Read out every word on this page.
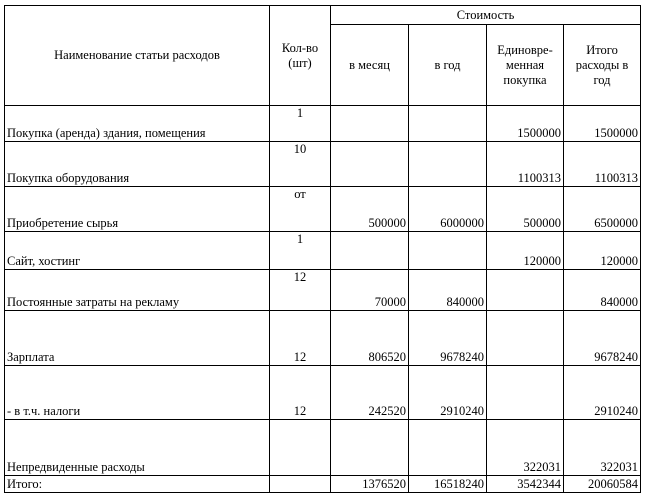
Наименование статьи расходов	Кол-во (шт)	Стоимость			
		в месяц	в год	Единовре-менная покупка	Итого расходы в год
Покупка (аренда) здания, помещения	1			1500000	1500000
Покупка оборудования	10			1100313	1100313
Приобретение сырья	от	500000	6000000	500000	6500000
Сайт, хостинг	1			120000	120000
Постоянные затраты на рекламу	12	70000	840000		840000
Зарплата	12	806520	9678240		9678240
- в т.ч. налоги	12	242520	2910240		2910240
Непредвиденные расходы				322031	322031
Итого:		1376520	16518240	3542344	20060584
